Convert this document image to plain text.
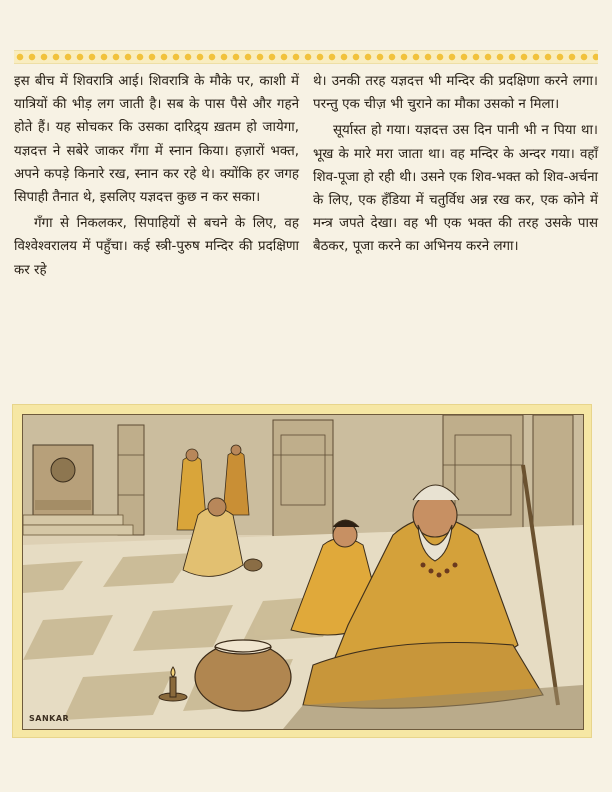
इस बीच में शिवरात्रि आई। शिवरात्रि के मौके पर, काशी में यात्रियों की भीड़ लग जाती है। सब के पास पैसे और गहने होते हैं। यह सोचकर कि उसका दारिद्र्य ख़तम हो जायेगा, यज्ञदत्त ने सबेरे जाकर गँगा में स्नान किया। हज़ारों भक्त, अपने कपड़े किनारे रख, स्नान कर रहे थे। क्योंकि हर जगह सिपाही तैनात थे, इसलिए यज्ञदत्त कुछ न कर सका।

गँगा से निकलकर, सिपाहियों से बचने के लिए, वह विश्वेश्वरालय में पहुँचा। कई स्त्री-पुरुष मन्दिर की प्रदक्षिणा कर रहे

थे। उनकी तरह यज्ञदत्त भी मन्दिर की प्रदक्षिणा करने लगा। परन्तु एक चीज़ भी चुराने का मौका उसको न मिला।

सूर्यास्त हो गया। यज्ञदत्त उस दिन पानी भी न पिया था। भूख के मारे मरा जाता था। वह मन्दिर के अन्दर गया। वहाँ शिव-पूजा हो रही थी। उसने एक शिव-भक्त को शिव-अर्चना के लिए, एक हँडिया में चतुर्विध अन्न रख कर, एक कोने में मन्त्र जपते देखा। वह भी एक भक्त की तरह उसके पास बैठकर, पूजा करने का अभिनय करने लगा।

SANKAR
